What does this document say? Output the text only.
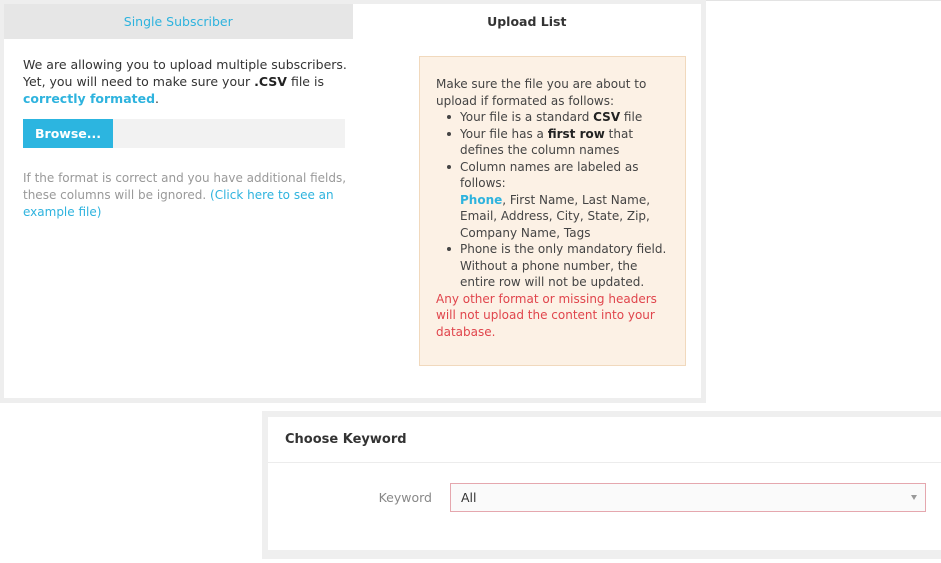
Single Subscriber	Upload List

We are allowing you to upload multiple subscribers.
Yet, you will need to make sure your .CSV file is correctly formated.

Browse...
If the format is correct and you have additional fields, these columns will be ignored. (Click here to see an example file)
Make sure the file you are about to upload if formated as follows:
Your file is a standard CSV file
Your file has a first row that defines the column names
Column names are labeled as follows:
Phone, First Name, Last Name, Email, Address, City, State, Zip, Company Name, Tags
Phone is the only mandatory field. Without a phone number, the entire row will not be updated.
Any other format or missing headers will not upload the content into your database.
Choose Keyword
Keyword All
